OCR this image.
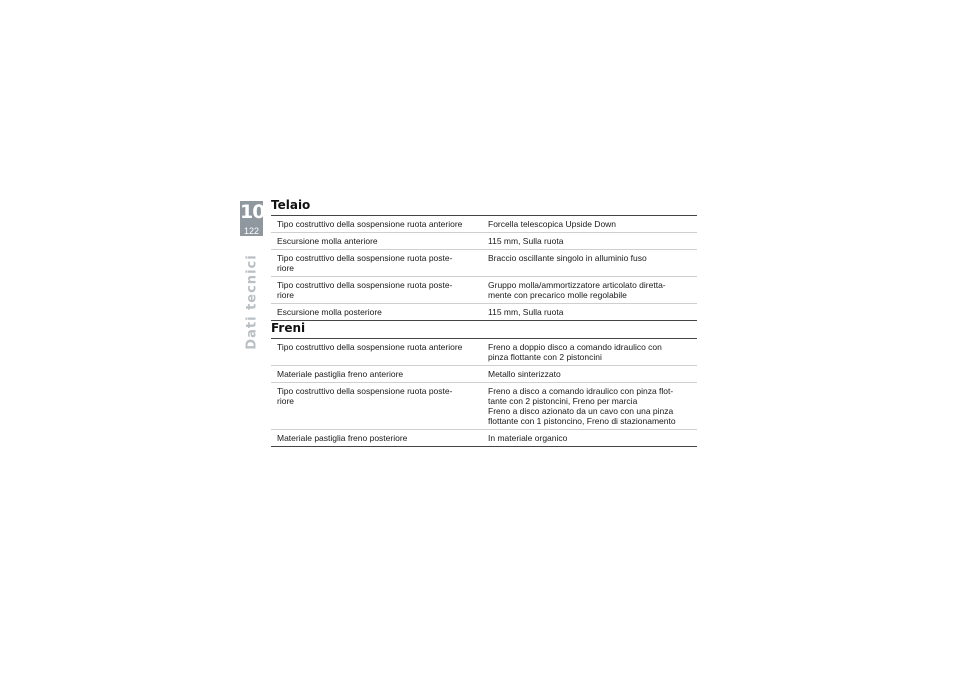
10
122
Dati tecnici
Telaio
Tipo costruttivo della sospensione ruota anteriore	Forcella telescopica Upside Down

Escursione molla anteriore	115 mm, Sulla ruota

Tipo costruttivo della sospensione ruota poste-
riore	Braccio oscillante singolo in alluminio fuso

Tipo costruttivo della sospensione ruota poste-
riore	Gruppo molla/ammortizzatore articolato diretta-
mente con precarico molle regolabile

Escursione molla posteriore	115 mm, Sulla ruota
Freni
Tipo costruttivo della sospensione ruota anteriore	Freno a doppio disco a comando idraulico con
pinza flottante con 2 pistoncini

Materiale pastiglia freno anteriore	Metallo sinterizzato

Tipo costruttivo della sospensione ruota poste-
riore	Freno a disco a comando idraulico con pinza flot-
tante con 2 pistoncini, Freno per marcia
Freno a disco azionato da un cavo con una pinza
flottante con 1 pistoncino, Freno di stazionamento

Materiale pastiglia freno posteriore	In materiale organico
